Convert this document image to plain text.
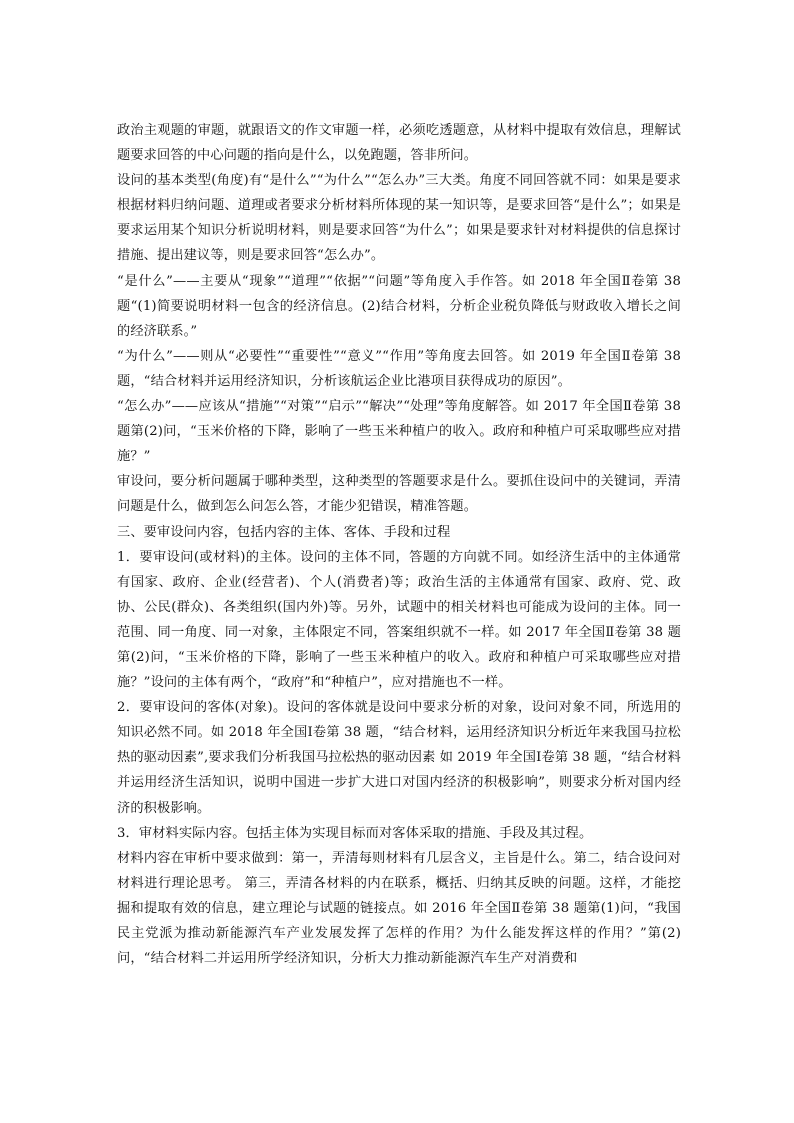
政治主观题的审题，就跟语文的作文审题一样，必须吃透题意，从材料中提取有效信息，理解试题要求回答的中心问题的指向是什么，以免跑题，答非所问。

设问的基本类型(角度)有“是什么”“为什么”“怎么办”三大类。角度不同回答就不同：如果是要求根据材料归纳问题、道理或者要求分析材料所体现的某一知识等，是要求回答“是什么”；如果是要求运用某个知识分析说明材料，则是要求回答“为什么”；如果是要求针对材料提供的信息探讨措施、提出建议等，则是要求回答“怎么办”。

“是什么”——主要从“现象”“道理”“依据”“问题”等角度入手作答。如 2018 年全国Ⅱ卷第 38 题“(1)简要说明材料一包含的经济信息。(2)结合材料，分析企业税负降低与财政收入增长之间的经济联系。”

“为什么”——则从“必要性”“重要性”“意义”“作用”等角度去回答。如 2019 年全国Ⅱ卷第 38 题，“结合材料并运用经济知识，分析该航运企业比港项目获得成功的原因”。

“怎么办”——应该从“措施”“对策”“启示”“解决”“处理”等角度解答。如 2017 年全国Ⅱ卷第 38 题第(2)问，“玉米价格的下降，影响了一些玉米种植户的收入。政府和种植户可采取哪些应对措施？”

审设问，要分析问题属于哪种类型，这种类型的答题要求是什么。要抓住设问中的关键词，弄清问题是什么，做到怎么问怎么答，才能少犯错误，精准答题。

三、要审设问内容，包括内容的主体、客体、手段和过程

1．要审设问(或材料)的主体。设问的主体不同，答题的方向就不同。如经济生活中的主体通常有国家、政府、企业(经营者)、个人(消费者)等；政治生活的主体通常有国家、政府、党、政协、公民(群众)、各类组织(国内外)等。另外，试题中的相关材料也可能成为设问的主体。同一范围、同一角度、同一对象，主体限定不同，答案组织就不一样。如 2017 年全国Ⅱ卷第 38 题第(2)问，“玉米价格的下降，影响了一些玉米种植户的收入。政府和种植户可采取哪些应对措施？”设问的主体有两个，“政府”和“种植户”，应对措施也不一样。

2．要审设问的客体(对象)。设问的客体就是设问中要求分析的对象，设问对象不同，所选用的知识必然不同。如 2018 年全国Ⅰ卷第 38 题，“结合材料，运用经济知识分析近年来我国马拉松热的驱动因素”,要求我们分析我国马拉松热的驱动因素 如 2019 年全国Ⅰ卷第 38 题，“结合材料并运用经济生活知识，说明中国进一步扩大进口对国内经济的积极影响”，则要求分析对国内经济的积极影响。

3．审材料实际内容。包括主体为实现目标而对客体采取的措施、手段及其过程。

材料内容在审析中要求做到：第一，弄清每则材料有几层含义，主旨是什么。第二，结合设问对材料进行理论思考。 第三，弄清各材料的内在联系，概括、归纳其反映的问题。这样，才能挖掘和提取有效的信息，建立理论与试题的链接点。如 2016 年全国Ⅱ卷第 38 题第(1)问，“我国民主党派为推动新能源汽车产业发展发挥了怎样的作用？为什么能发挥这样的作用？”第(2)问，“结合材料二并运用所学经济知识，分析大力推动新能源汽车生产对消费和
